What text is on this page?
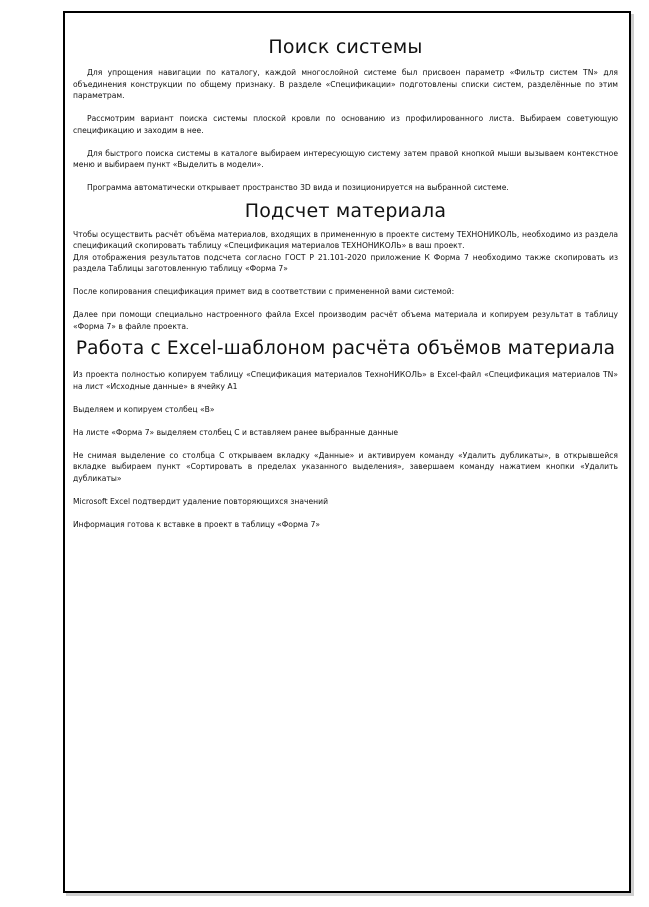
Поиск системы

Для упрощения навигации по каталогу, каждой многослойной системе был присвоен параметр «Фильтр систем TN» для объединения конструкции по общему признаку. В разделе «Спецификации» подготовлены списки систем, разделённые по этим параметрам.

Рассмотрим вариант поиска системы плоской кровли по основанию из профилированного листа. Выбираем советующую спецификацию и заходим в нее.

Для быстрого поиска системы в каталоге выбираем интересующую систему затем правой кнопкой мыши вызываем контекстное меню и выбираем пункт «Выделить в модели».

Программа автоматически открывает пространство 3D вида и позиционируется на выбранной системе.

Подсчет материала

Чтобы осуществить расчёт объёма материалов, входящих в примененную в проекте систему ТЕХНОНИКОЛЬ, необходимо из раздела спецификаций скопировать таблицу «Спецификация материалов ТЕХНОНИКОЛЬ» в ваш проект.

Для отображения результатов подсчета согласно ГОСТ Р 21.101-2020 приложение К Форма 7 необходимо также скопировать из раздела Таблицы заготовленную таблицу «Форма 7»

После копирования спецификация примет вид в соответствии с примененной вами системой:

Далее при помощи специально настроенного файла Excel производим расчёт объема материала и копируем результат в таблицу «Форма 7» в файле проекта.

Работа с Excel-шаблоном расчёта объёмов материала

Из проекта полностью копируем таблицу «Спецификация материалов ТехноНИКОЛЬ» в Excel-файл «Спецификация материалов TN» на лист «Исходные данные» в ячейку А1

Выделяем и копируем столбец «В»

На листе «Форма 7» выделяем столбец С и вставляем ранее выбранные данные

Не снимая выделение со столбца С открываем вкладку «Данные» и активируем команду «Удалить дубликаты», в открывшейся вкладке выбираем пункт «Сортировать в пределах указанного выделения», завершаем команду нажатием кнопки «Удалить дубликаты»

Microsoft Excel подтвердит удаление повторяющихся значений

Информация готова к вставке в проект в таблицу «Форма 7»
